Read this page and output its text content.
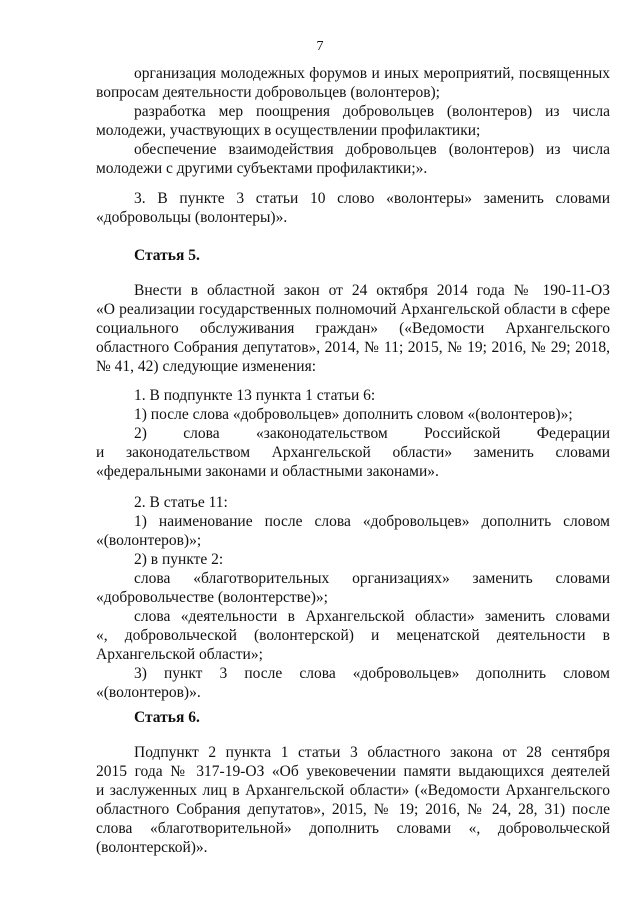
7
организация молодежных форумов и иных мероприятий, посвященных
вопросам деятельности добровольцев (волонтеров);
разработка мер поощрения добровольцев (волонтеров) из числа
молодежи, участвующих в осуществлении профилактики;
обеспечение взаимодействия добровольцев (волонтеров) из числа
молодежи с другими субъектами профилактики;».
3. В пункте 3 статьи 10 слово «волонтеры» заменить словами
«добровольцы (волонтеры)».
Статья 5.
Внести в областной закон от 24 октября 2014 года № 190-11-ОЗ
«О реализации государственных полномочий Архангельской области в сфере
социального обслуживания граждан» («Ведомости Архангельского
областного Собрания депутатов», 2014, № 11; 2015, № 19; 2016, № 29; 2018,
№ 41, 42) следующие изменения:
1. В подпункте 13 пункта 1 статьи 6:
1) после слова «добровольцев» дополнить словом «(волонтеров)»;
2) слова «законодательством Российской Федерации
и законодательством Архангельской области» заменить словами
«федеральными законами и областными законами».
2. В статье 11:
1) наименование после слова «добровольцев» дополнить словом
«(волонтеров)»;
2) в пункте 2:
слова «благотворительных организациях» заменить словами
«добровольчестве (волонтерстве)»;
слова «деятельности в Архангельской области» заменить словами
«, добровольческой (волонтерской) и меценатской деятельности в
Архангельской области»;
3) пункт 3 после слова «добровольцев» дополнить словом
«(волонтеров)».
Статья 6.
Подпункт 2 пункта 1 статьи 3 областного закона от 28 сентября
2015 года № 317-19-ОЗ «Об увековечении памяти выдающихся деятелей
и заслуженных лиц в Архангельской области» («Ведомости Архангельского
областного Собрания депутатов», 2015, № 19; 2016, № 24, 28, 31) после
слова «благотворительной» дополнить словами «, добровольческой
(волонтерской)».
